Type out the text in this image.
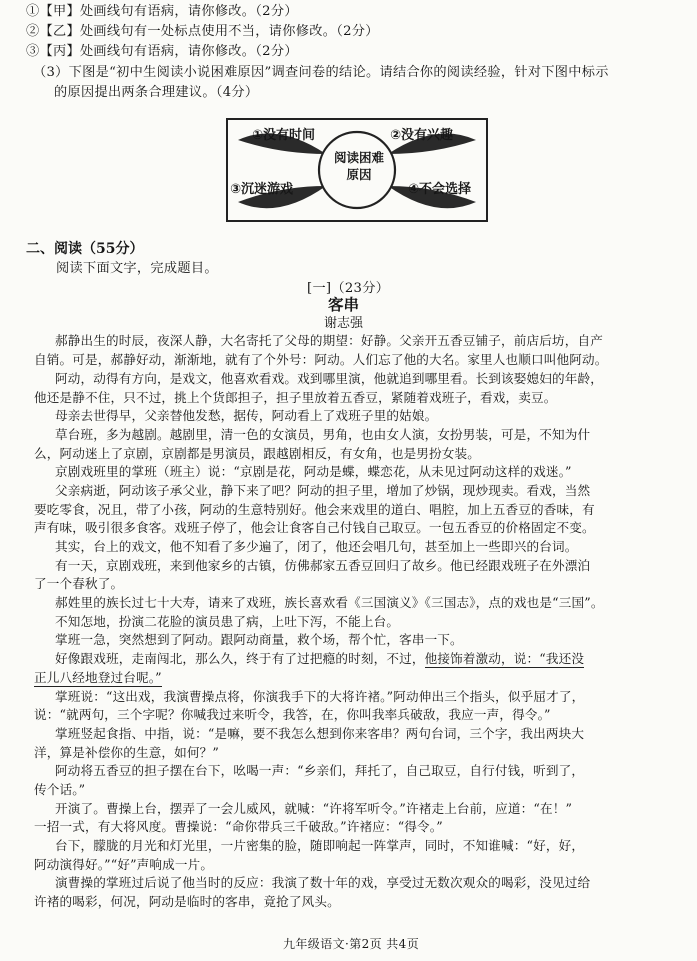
①【甲】处画线句有语病，请你修改。（2分）
②【乙】处画线句有一处标点使用不当，请你修改。（2分）
③【丙】处画线句有语病，请你修改。（2分）
（3）下图是“初中生阅读小说困难原因”调查问卷的结论。请结合你的阅读经验，针对下图中标示
的原因提出两条合理建议。（4分）
①没有时间	②没有兴趣
③沉迷游戏	④不会选择
阅读困难
原因
二、阅读（55分）
阅读下面文字，完成题目。
[一]（23分）
客串
谢志强
郝静出生的时辰，夜深人静，大名寄托了父母的期望：好静。父亲开五香豆铺子，前店后坊，自产
自销。可是，郝静好动，渐渐地，就有了个外号：阿动。人们忘了他的大名。家里人也顺口叫他阿动。
阿动，动得有方向，是戏文，他喜欢看戏。戏到哪里演，他就追到哪里看。长到该娶媳妇的年龄，
他还是静不住，只不过，挑上个货郎担子，担子里放着五香豆，紧随着戏班子，看戏，卖豆。
母亲去世得早，父亲替他发愁，据传，阿动看上了戏班子里的姑娘。
草台班，多为越剧。越剧里，清一色的女演员，男角，也由女人演，女扮男装，可是，不知为什
么，阿动迷上了京剧，京剧都是男演员，跟越剧相反，有女角，也是男扮女装。
京剧戏班里的掌班（班主）说：“京剧是花，阿动是蝶，蝶恋花，从未见过阿动这样的戏迷。”
父亲病逝，阿动该子承父业，静下来了吧？阿动的担子里，增加了炒锅，现炒现卖。看戏，当然
要吃零食，况且，带了小孩，阿动的生意特别好。他会来戏里的道白、唱腔，加上五香豆的香味，有
声有味，吸引很多食客。戏班子停了，他会让食客自己付钱自己取豆。一包五香豆的价格固定不变。
其实，台上的戏文，他不知看了多少遍了，闭了，他还会唱几句，甚至加上一些即兴的台词。
有一天，京剧戏班，来到他家乡的古镇，仿佛郝家五香豆回归了故乡。他已经跟戏班子在外漂泊
了一个春秋了。
郝姓里的族长过七十大寿，请来了戏班，族长喜欢看《三国演义》《三国志》，点的戏也是“三国”。
不知怎地，扮演二花脸的演员患了病，上吐下泻，不能上台。
掌班一急，突然想到了阿动。跟阿动商量，救个场，帮个忙，客串一下。
好像跟戏班，走南闯北，那么久，终于有了过把瘾的时刻，不过，他接饰着激动，说：“我还没
正儿八经地登过台呢。”
掌班说：“这出戏，我演曹操点将，你演我手下的大将许褚。”阿动伸出三个指头，似乎屈才了，
说：“就两句，三个字呢？你喊我过来听令，我答，在，你叫我率兵破敌，我应一声，得令。”
掌班竖起食指、中指，说：“是嘛，要不我怎么想到你来客串？两句台词，三个字，我出两块大
洋，算是补偿你的生意，如何？”
阿动将五香豆的担子摆在台下，吆喝一声：“乡亲们，拜托了，自己取豆，自行付钱，听到了，
传个话。”
开演了。曹操上台，摆弄了一会儿威风，就喊：“许将军听令。”许褚走上台前，应道：“在！”
一招一式，有大将风度。曹操说：“命你带兵三千破敌。”许褚应：“得令。”
台下，朦胧的月光和灯光里，一片密集的脸，随即响起一阵掌声，同时，不知谁喊：“好，好，
阿动演得好。”“好”声响成一片。
演曹操的掌班过后说了他当时的反应：我演了数十年的戏，享受过无数次观众的喝彩，没见过给
许褚的喝彩，何况，阿动是临时的客串，竟抢了风头。
九年级语文·第2页 共4页
